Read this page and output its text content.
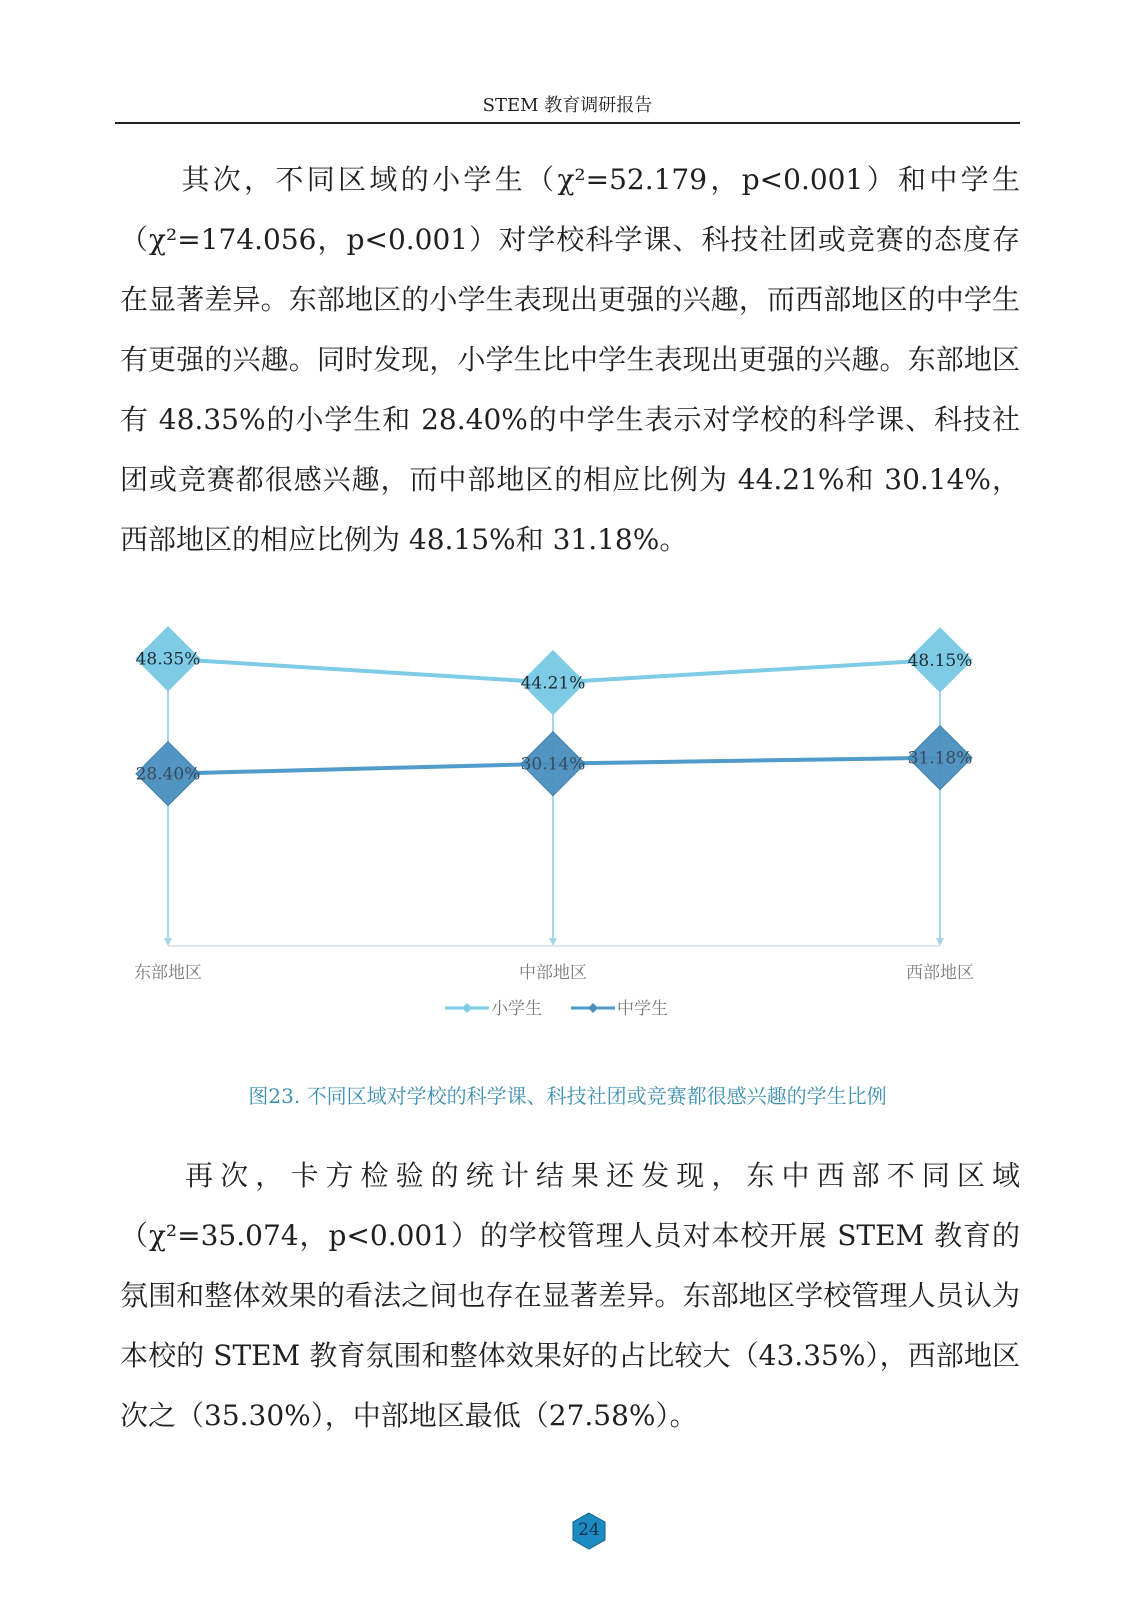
STEM 教育调研报告

其次，不同区域的小学生（χ²=52.179，p<0.001）和中学生（χ²=174.056，p<0.001）对学校科学课、科技社团或竞赛的态度存在显著差异。东部地区的小学生表现出更强的兴趣，而西部地区的中学生有更强的兴趣。同时发现，小学生比中学生表现出更强的兴趣。东部地区有 48.35%的小学生和 28.40%的中学生表示对学校的科学课、科技社团或竞赛都很感兴趣，而中部地区的相应比例为 44.21%和 30.14%，西部地区的相应比例为 48.15%和 31.18%。

48.35%
44.21%
48.15%
28.40%
30.14%	31.18%
东部地区	中部地区	西部地区
小学生	中学生
图23. 不同区域对学校的科学课、科技社团或竞赛都很感兴趣的学生比例

再次，卡方检验的统计结果还发现，东中西部不同区域（χ²=35.074，p<0.001）的学校管理人员对本校开展 STEM 教育的氛围和整体效果的看法之间也存在显著差异。东部地区学校管理人员认为本校的 STEM 教育氛围和整体效果好的占比较大（43.35%），西部地区次之（35.30%），中部地区最低（27.58%）。

24
